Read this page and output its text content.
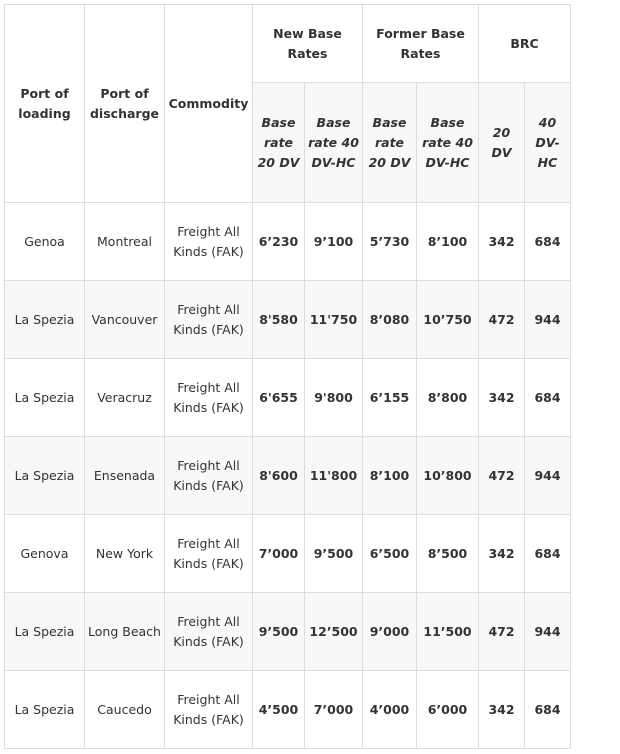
Port of loading	Port of discharge	Commodity	New Base Rates		Former Base Rates		BRC	
			Base rate 20 DV	Base rate 40 DV-HC	Base rate 20 DV	Base rate 40 DV-HC	20 DV	40 DV-HC
Genoa	Montreal	Freight All Kinds (FAK)	6’230	9’100	5’730	8’100	342	684
La Spezia	Vancouver	Freight All Kinds (FAK)	8'580	11'750	8’080	10’750	472	944
La Spezia	Veracruz	Freight All Kinds (FAK)	6'655	9'800	6’155	8’800	342	684
La Spezia	Ensenada	Freight All Kinds (FAK)	8'600	11'800	8’100	10’800	472	944
Genova	New York	Freight All Kinds (FAK)	7’000	9’500	6’500	8’500	342	684
La Spezia	Long Beach	Freight All Kinds (FAK)	9’500	12’500	9’000	11’500	472	944
La Spezia	Caucedo	Freight All Kinds (FAK)	4’500	7’000	4’000	6’000	342	684
